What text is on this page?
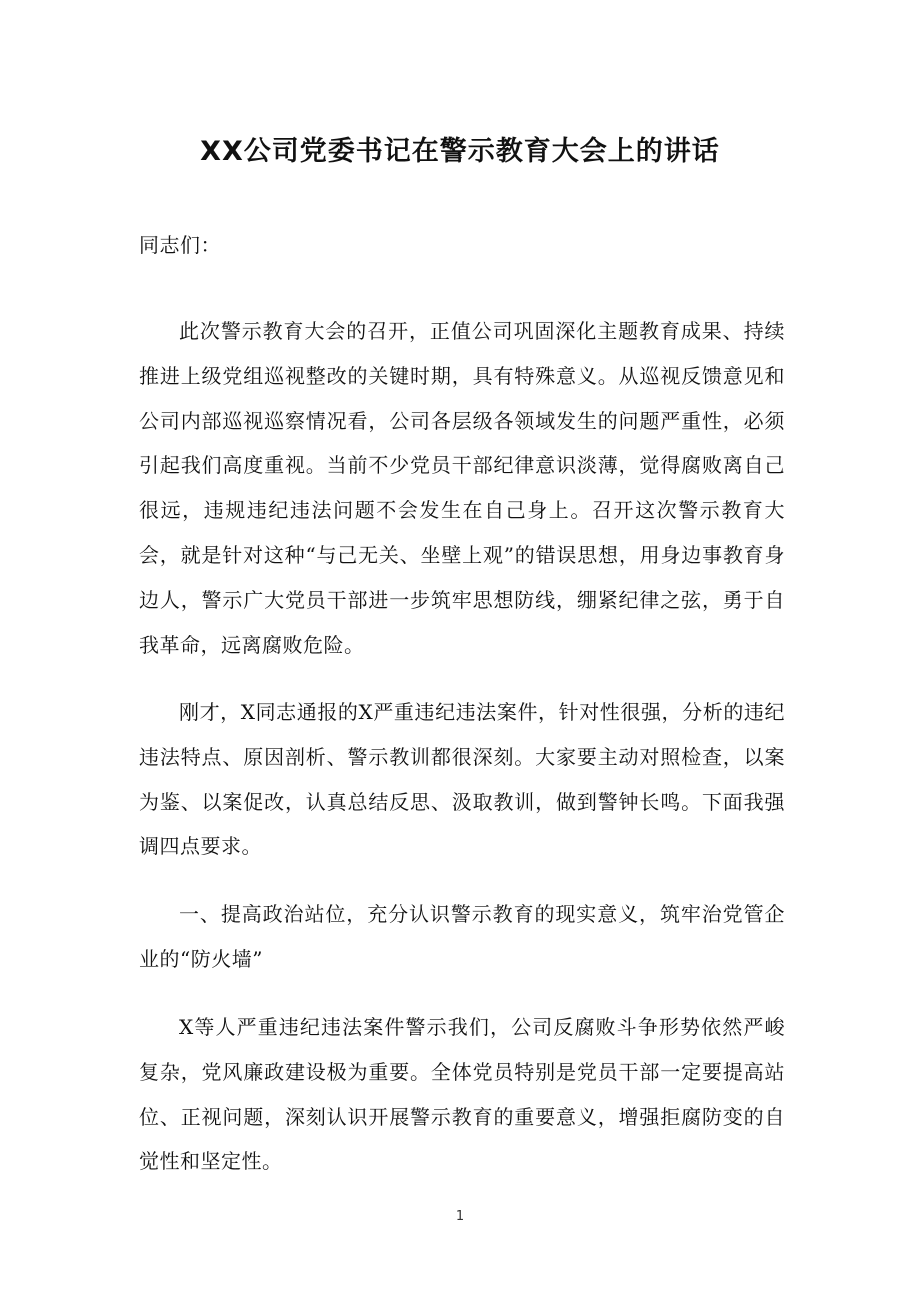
XX公司党委书记在警示教育大会上的讲话

同志们：

此次警示教育大会的召开，正值公司巩固深化主题教育成果、持续推进上级党组巡视整改的关键时期，具有特殊意义。从巡视反馈意见和公司内部巡视巡察情况看，公司各层级各领域发生的问题严重性，必须引起我们高度重视。当前不少党员干部纪律意识淡薄，觉得腐败离自己很远，违规违纪违法问题不会发生在自己身上。召开这次警示教育大会，就是针对这种“与己无关、坐壁上观”的错误思想，用身边事教育身边人，警示广大党员干部进一步筑牢思想防线，绷紧纪律之弦，勇于自我革命，远离腐败危险。

刚才，X同志通报的X严重违纪违法案件，针对性很强，分析的违纪违法特点、原因剖析、警示教训都很深刻。大家要主动对照检查，以案为鉴、以案促改，认真总结反思、汲取教训，做到警钟长鸣。下面我强调四点要求。

一、提高政治站位，充分认识警示教育的现实意义，筑牢治党管企业的“防火墙”

X等人严重违纪违法案件警示我们，公司反腐败斗争形势依然严峻复杂，党风廉政建设极为重要。全体党员特别是党员干部一定要提高站位、正视问题，深刻认识开展警示教育的重要意义，增强拒腐防变的自觉性和坚定性。

1
